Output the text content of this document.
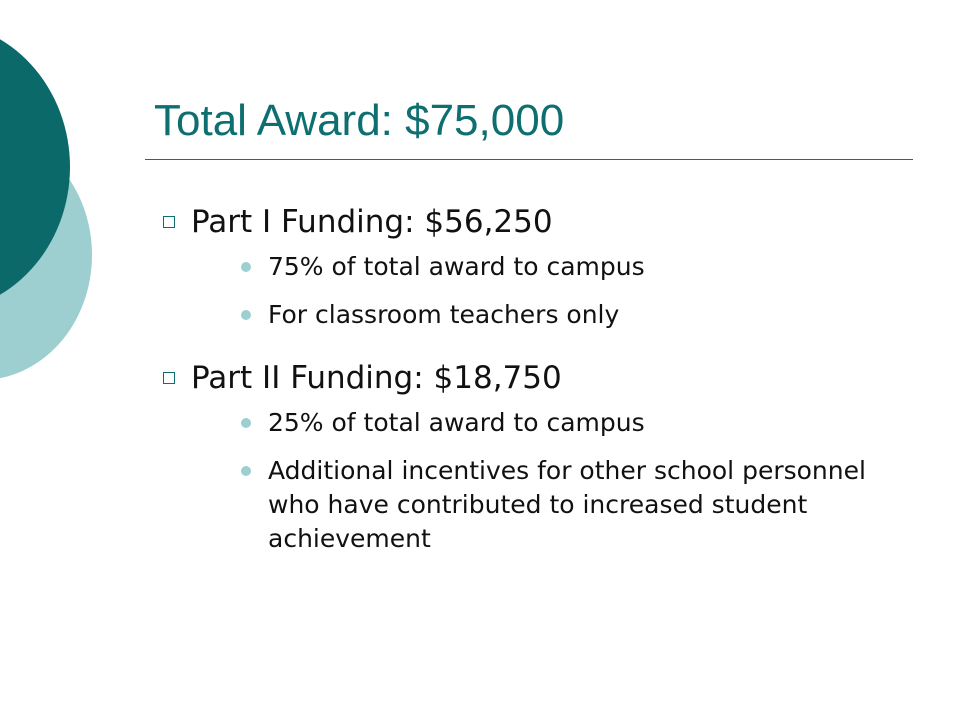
Total Award: $75,000
Part I Funding: $56,250
75% of total award to campus
For classroom teachers only
Part II Funding: $18,750
25% of total award to campus
Additional incentives for other school personnel who have contributed to increased student achievement
